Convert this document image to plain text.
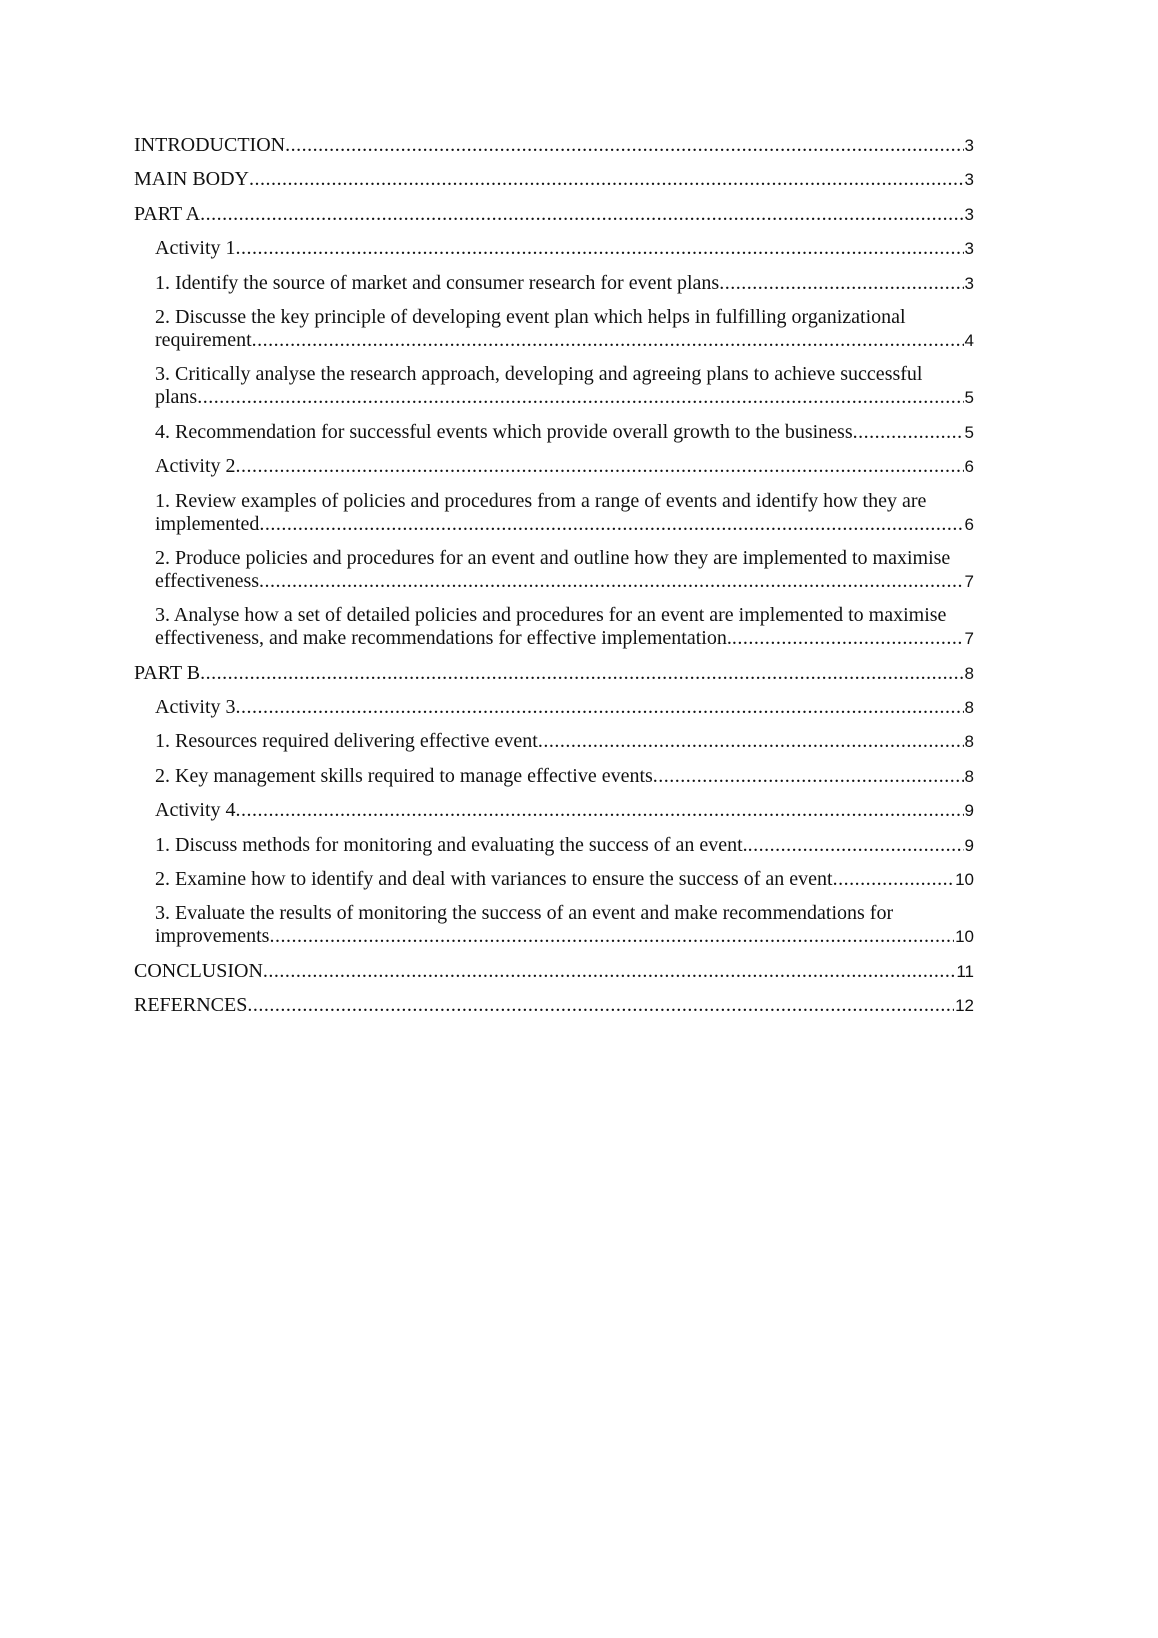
INTRODUCTION .....	3
MAIN BODY .....	3
PART A .....	3
Activity 1 .....	3
1. Identify the source of market and consumer research for event plans .....	3
2. Discusse the key principle of developing event plan which helps in fulfilling organizational
requirement .....	4
3. Critically analyse the research approach, developing and agreeing plans to achieve successful
plans .....	5
4. Recommendation for successful events which provide overall growth to the business .....	5
Activity 2 .....	6
1. Review examples of policies and procedures from a range of events and identify how they are
implemented .....	6
2. Produce policies and procedures for an event and outline how they are implemented to maximise
effectiveness .....	7
3. Analyse how a set of detailed policies and procedures for an event are implemented to maximise
effectiveness, and make recommendations for effective implementation. .....	7
PART B .....	8
Activity 3 .....	8
1. Resources required delivering effective event .....	8
2. Key management skills required to manage effective events .....	8
Activity 4 .....	9
1. Discuss methods for monitoring and evaluating the success of an event. .....	9
2. Examine how to identify and deal with variances to ensure the success of an event .....	10
3. Evaluate the results of monitoring the success of an event and make recommendations for
improvements .....	10
CONCLUSION .....	11
REFERNCES .....	12
